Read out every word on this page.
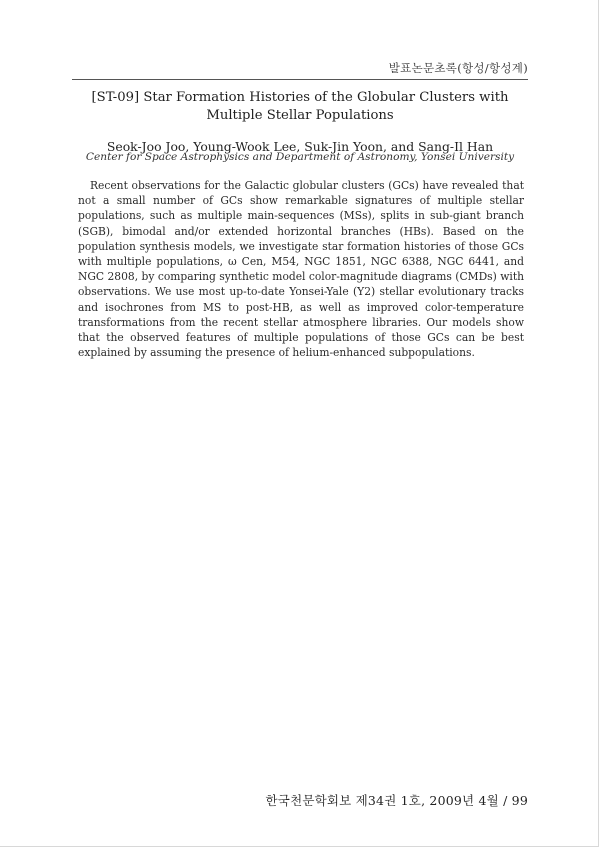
발표논문초록(항성/항성계)
[ST-09] Star Formation Histories of the Globular Clusters with Multiple Stellar Populations
Seok-Joo Joo, Young-Wook Lee, Suk-Jin Yoon, and Sang-Il Han
Center for Space Astrophysics and Department of Astronomy, Yonsei University

Recent observations for the Galactic globular clusters (GCs) have revealed that not a small number of GCs show remarkable signatures of multiple stellar populations, such as multiple main-sequences (MSs), splits in sub-giant branch (SGB), bimodal and/or extended horizontal branches (HBs). Based on the population synthesis models, we investigate star formation histories of those GCs with multiple populations, ω Cen, M54, NGC 1851, NGC 6388, NGC 6441, and NGC 2808, by comparing synthetic model color-magnitude diagrams (CMDs) with observations. We use most up-to-date Yonsei-Yale (Y2) stellar evolutionary tracks and isochrones from MS to post-HB, as well as improved color-temperature transformations from the recent stellar atmosphere libraries. Our models show that the observed features of multiple populations of those GCs can be best explained by assuming the presence of helium-enhanced subpopulations.

한국천문학회보 제34권 1호, 2009년 4월 / 99
